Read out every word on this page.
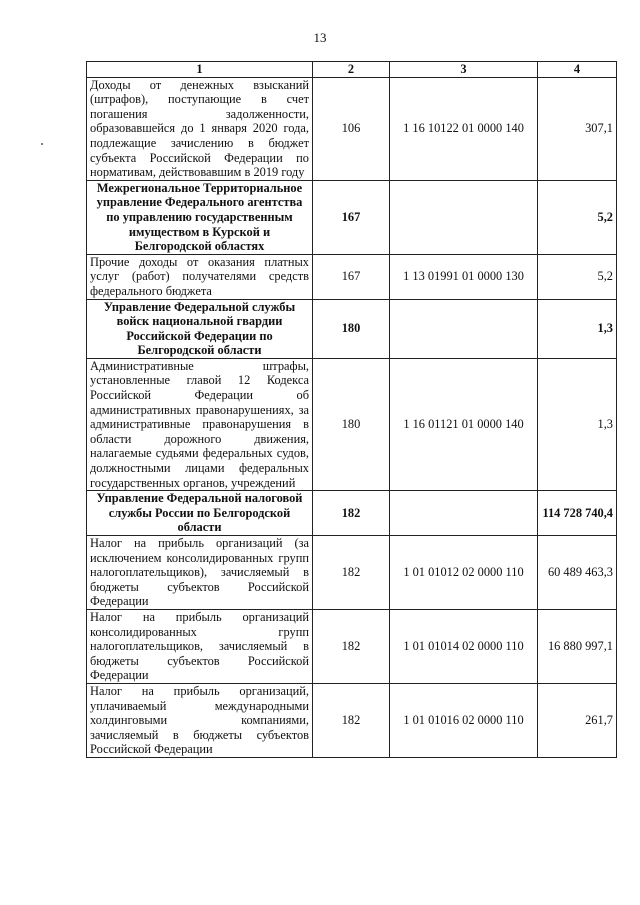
13
1	2	3	4
Доходы от денежных взысканий (штрафов), поступающие в счет погашения задолженности, образовавшейся до 1 января 2020 года, подлежащие зачислению в бюджет субъекта Российской Федерации по нормативам, действовавшим в 2019 году	106	1 16 10122 01 0000 140	307,1
Межрегиональное Территориальное управление Федерального агентства по управлению государственным имуществом в Курской и Белгородской областях	167		5,2
Прочие доходы от оказания платных услуг (работ) получателями средств федерального бюджета	167	1 13 01991 01 0000 130	5,2
Управление Федеральной службы войск национальной гвардии Российской Федерации по Белгородской области	180		1,3
Административные штрафы, установленные главой 12 Кодекса Российской Федерации об административных правонарушениях, за административные правонарушения в области дорожного движения, налагаемые судьями федеральных судов, должностными лицами федеральных государственных органов, учреждений	180	1 16 01121 01 0000 140	1,3
Управление Федеральной налоговой службы России по Белгородской области	182		114 728 740,4
Налог на прибыль организаций (за исключением консолидированных групп налогоплательщиков), зачисляемый в бюджеты субъектов Российской Федерации	182	1 01 01012 02 0000 110	60 489 463,3
Налог на прибыль организаций консолидированных групп налогоплательщиков, зачисляемый в бюджеты субъектов Российской Федерации	182	1 01 01014 02 0000 110	16 880 997,1
Налог на прибыль организаций, уплачиваемый международными холдинговыми компаниями, зачисляемый в бюджеты субъектов Российской Федерации	182	1 01 01016 02 0000 110	261,7
